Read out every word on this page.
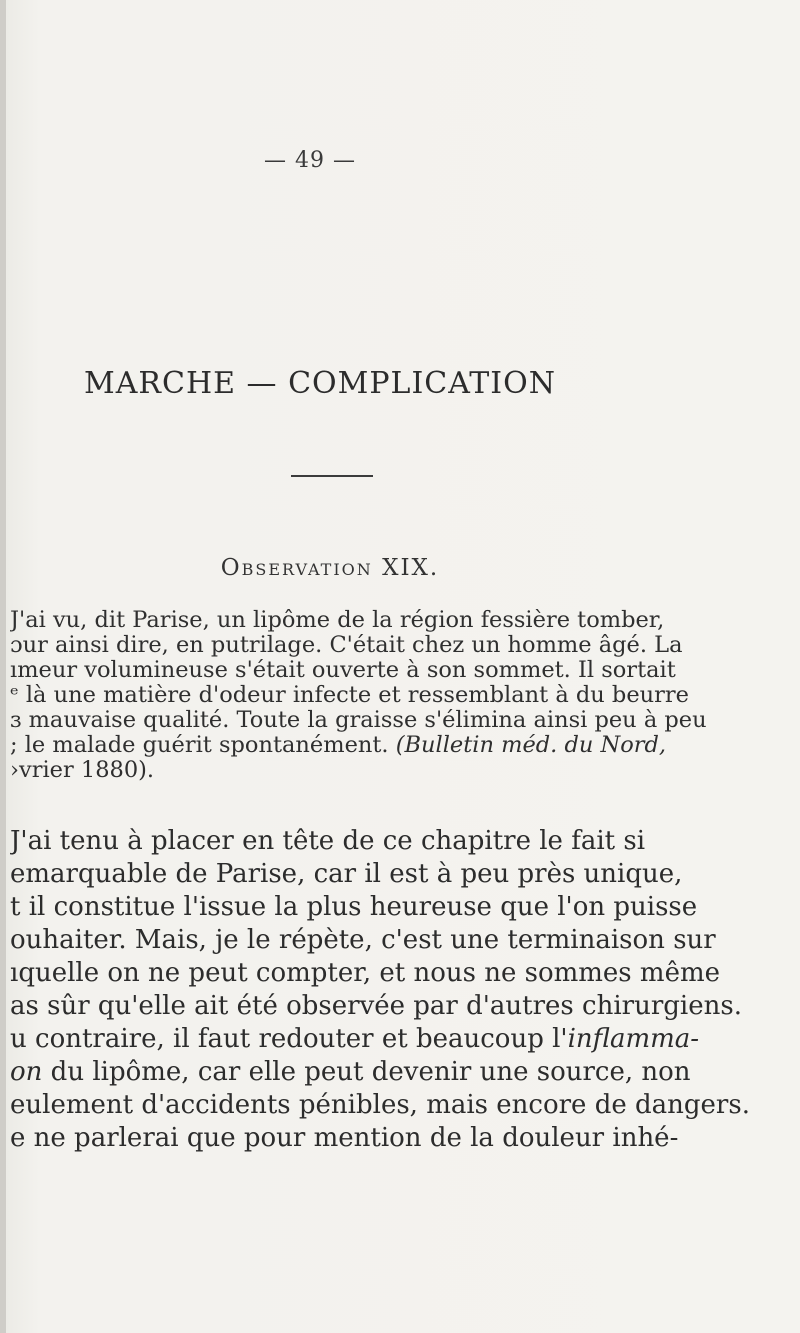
— 49 —
MARCHE — COMPLICATION
Observation XIX.
J'ai vu, dit Parise, un lipôme de la région fessière tomber,
ɔur ainsi dire, en putrilage. C'était chez un homme âgé. La
ımeur volumineuse s'était ouverte à son sommet. Il sortait
ᵉ là une matière d'odeur infecte et ressemblant à du beurre
ɜ mauvaise qualité. Toute la graisse s'élimina ainsi peu à peu
; le malade guérit spontanément. (Bulletin méd. du Nord,
›vrier 1880).
J'ai tenu à placer en tête de ce chapitre le fait si
emarquable de Parise, car il est à peu près unique,
t il constitue l'issue la plus heureuse que l'on puisse
ouhaiter. Mais, je le répète, c'est une terminaison sur
ıquelle on ne peut compter, et nous ne sommes même
as sûr qu'elle ait été observée par d'autres chirurgiens.
u contraire, il faut redouter et beaucoup l'inflamma-
on du lipôme, car elle peut devenir une source, non
eulement d'accidents pénibles, mais encore de dangers.
e ne parlerai que pour mention de la douleur inhé-
